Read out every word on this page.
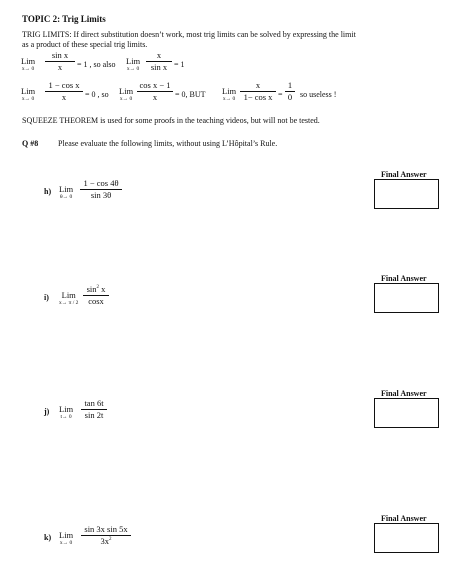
TOPIC 2: Trig Limits
TRIG LIMITS: If direct substitution doesn’t work, most trig limits can be solved by expressing the limit
as a product of these special trig limits.
Lim
x→ 0
sin x
x	= 1 , so also Lim
x→ 0
x
sin x = 1
Lim
x→ 0
1 − cos x
x	= 0 , so Lim
x→ 0
cos x − 1
x	= 0, BUT Lim
x→ 0
x
1− cos x =
1
0 so useless !
SQUEEZE THEOREM is used for some proofs in the teaching videos, but will not be tested.
Q #8 Please evaluate the following limits, without using L’Hôpital’s Rule.
h) Lim
θ→ 0
1 − cos 4θ
sin 3θ
Final Answer
i)	Lim
x→ π / 2
$\sin^2 x$
cosx
Final Answer
j) Lim
t→ 0
tan 6t
sin 2t
Final Answer
k) Lim
x→ 0
sin 3x sin 5x
$3x^2$
Final Answer
